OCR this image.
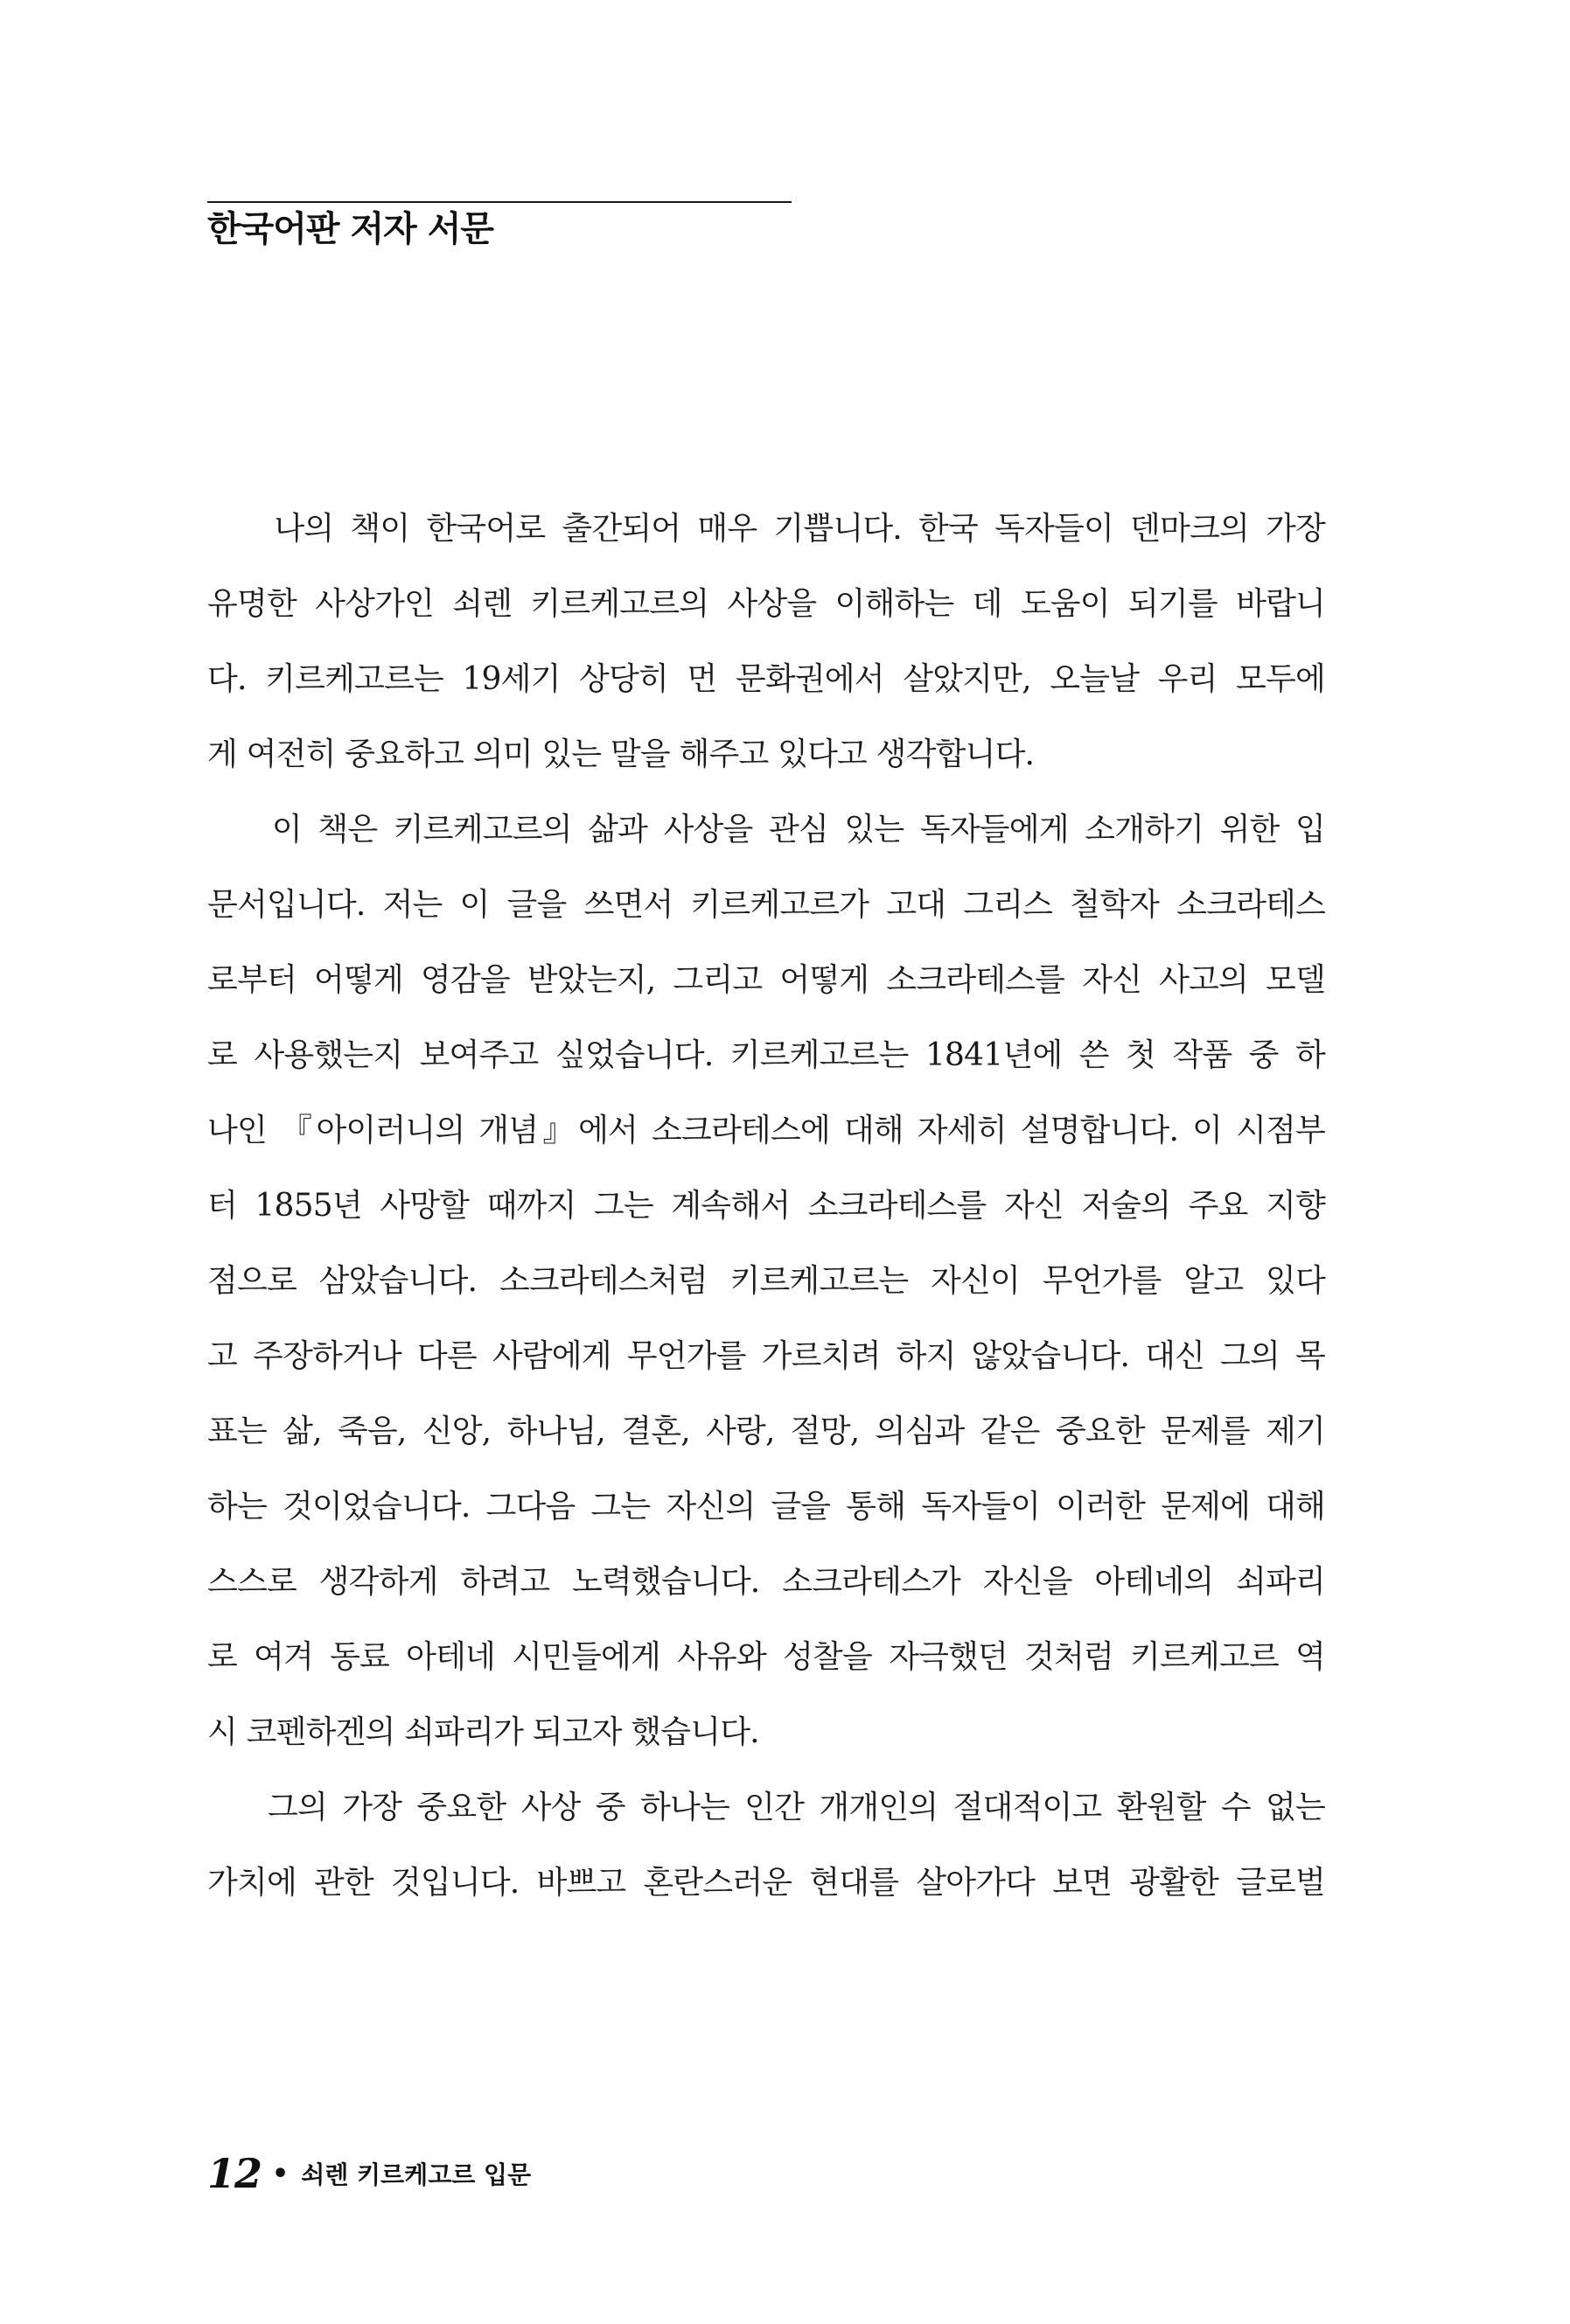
한국어판 저자 서문
나의 책이 한국어로 출간되어 매우 기쁩니다. 한국 독자들이 덴마크의 가장
유명한 사상가인 쇠렌 키르케고르의 사상을 이해하는 데 도움이 되기를 바랍니
다. 키르케고르는 19세기 상당히 먼 문화권에서 살았지만, 오늘날 우리 모두에
게 여전히 중요하고 의미 있는 말을 해주고 있다고 생각합니다.
이 책은 키르케고르의 삶과 사상을 관심 있는 독자들에게 소개하기 위한 입
문서입니다. 저는 이 글을 쓰면서 키르케고르가 고대 그리스 철학자 소크라테스
로부터 어떻게 영감을 받았는지, 그리고 어떻게 소크라테스를 자신 사고의 모델
로 사용했는지 보여주고 싶었습니다. 키르케고르는 1841년에 쓴 첫 작품 중 하
나인 『아이러니의 개념』에서 소크라테스에 대해 자세히 설명합니다. 이 시점부
터 1855년 사망할 때까지 그는 계속해서 소크라테스를 자신 저술의 주요 지향
점으로 삼았습니다. 소크라테스처럼 키르케고르는 자신이 무언가를 알고 있다
고 주장하거나 다른 사람에게 무언가를 가르치려 하지 않았습니다. 대신 그의 목
표는 삶, 죽음, 신앙, 하나님, 결혼, 사랑, 절망, 의심과 같은 중요한 문제를 제기
하는 것이었습니다. 그다음 그는 자신의 글을 통해 독자들이 이러한 문제에 대해
스스로 생각하게 하려고 노력했습니다. 소크라테스가 자신을 아테네의 쇠파리
로 여겨 동료 아테네 시민들에게 사유와 성찰을 자극했던 것처럼 키르케고르 역
시 코펜하겐의 쇠파리가 되고자 했습니다.
그의 가장 중요한 사상 중 하나는 인간 개개인의 절대적이고 환원할 수 없는
가치에 관한 것입니다. 바쁘고 혼란스러운 현대를 살아가다 보면 광활한 글로벌
12 • 쇠렌 키르케고르 입문
